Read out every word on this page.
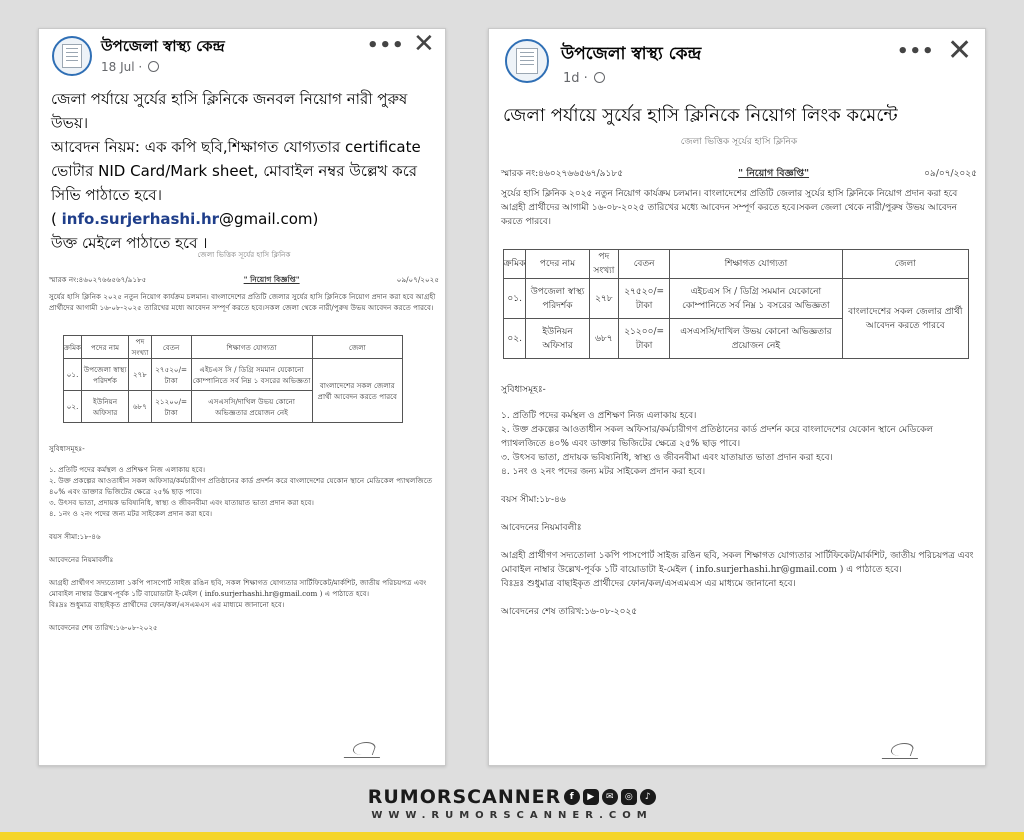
উপজেলা স্বাস্থ্য কেন্দ্র
18 Jul ·
••• ✕

জেলা পর্যায়ে সুর্যের হাসি ক্লিনিকে জনবল নিয়োগ নারী পুরুষ উভয়।

আবেদন নিয়ম: এক কপি ছবি,শিক্ষাগত যোগ্যতার certificate ভোটার NID Card/Mark sheet, মোবাইল নম্বর উল্লেখ করে সিভি পাঠাতে হবে।

( info.surjerhashi.hr@gmail.com)

উক্ত মেইলে পাঠাতে হবে ।

জেলা ভিত্তিক সূর্যের হাসি ক্লিনিক
স্মারক নং:৪৬০২৭৬৬৫৬৭/৯১৮৫	" নিয়োগ বিজ্ঞপ্তি"	০৯/০৭/২০২৫
সুর্যের হাসি ক্লিনিক ২০২৫ নতুন নিয়োগ কার্যক্রম চলমান। বাংলাদেশের প্রতিটি জেলার সুর্যের হাসি ক্লিনিকে নিয়োগ প্রদান করা হবে আগ্রহী প্রার্থীদের আগামী ১৬-০৮-২০২৫ তারিখের মধ্যে আবেদন সম্পূর্ণ করতে হবে।সকল জেলা থেকে নারী/পুরুষ উভয় আবেদন করতে পারবে।
ক্রমিক	পদের নাম	পদ সংখ্যা	বেতন	শিক্ষাগত যোগ্যতা	জেলা
০১.	উপজেলা স্বাস্থ্য পরিদর্শক	২৭৮	২৭৫২০/= টাকা	এইচএস সি / ডিগ্রি সমমান যেকোনো কোম্পানিতে সর্ব নিম্ন ১ বসরের অভিজ্ঞতা	বাংলাদেশের সকল জেলার প্রার্থী আবেদন করতে পারবে
০২.	ইউনিয়ন অফিসার	৬৮৭	২১২০০/= টাকা	এসএসসি/দাখিল উভয় কোনো অভিজ্ঞতার প্রয়োজন নেই	
সুবিধাসমূহঃ-
১. প্রতিটি পদের কর্মস্থল ও প্রশিক্ষণ নিজ এলাকায় হবে।
২. উক্ত প্রকল্পের আওতাধীন সকল অফিসার/কর্মচারীগণ প্রতিষ্ঠানের কার্ড প্রদর্শন করে বাংলাদেশের যেকোন স্থানে মেডিকেল প্যাথলজিতে ৪০% এবং ডাক্তার ভিজিটের ক্ষেত্রে ২৫% ছাড় পাবে।
৩. উৎসব ভাতা, প্রদায়ক ভবিষ্যনিধি, স্বাস্থ্য ও জীবনবীমা এবং যাতায়াত ভাতা প্রদান করা হবে।
৪. ১নং ও ২নং পদের জন্য মটর সাইকেল প্রদান করা হবে।
বয়স সীমা:১৮-৪৬
আবেদনের নিয়মাবলীঃ
আগ্রহী প্রার্থীগণ সদ্যতোলা ১কপি পাসপোর্ট সাইজ রঙিন ছবি, সকল শিক্ষাগত যোগ্যতার সার্টিফিকেট/মার্কশিট, জাতীয় পরিচয়পত্র এবং মোবাইল নাম্বার উল্লেখ-পূর্বক ১টি বায়োডাটা ই-মেইল ( info.surjerhashi.hr@gmail.com ) এ পাঠাতে হবে।
বিঃদ্রঃ শুধুমাত্র বাছাইকৃত প্রার্থীদের ফোন/কল/এসএমএস এর মাধ্যমে জানানো হবে।
আবেদনের শেষ তারিখ:১৬-০৮-২০২৫
উপজেলা স্বাস্থ্য কেন্দ্র
1d ·
••• ✕

জেলা পর্যায়ে সুর্যের হাসি ক্লিনিকে নিয়োগ লিংক কমেন্টে

জেলা ভিত্তিক সূর্যের হাসি ক্লিনিক
স্মারক নং:৪৬০২৭৬৬৫৬৭/৯১৮৫	" নিয়োগ বিজ্ঞপ্তি"	০৯/০৭/২০২৫
সুর্যের হাসি ক্লিনিক ২০২৫ নতুন নিয়োগ কার্যক্রম চলমান। বাংলাদেশের প্রতিটি জেলার সুর্যের হাসি ক্লিনিকে নিয়োগ প্রদান করা হবে আগ্রহী প্রার্থীদের আগামী ১৬-০৮-২০২৫ তারিখের মধ্যে আবেদন সম্পূর্ণ করতে হবে।সকল জেলা থেকে নারী/পুরুষ উভয় আবেদন করতে পারবে।
ক্রমিক	পদের নাম	পদ সংখ্যা	বেতন	শিক্ষাগত যোগ্যতা	জেলা
০১.	উপজেলা স্বাস্থ্য পরিদর্শক	২৭৮	২৭৫২০/= টাকা	এইচএস সি / ডিগ্রি সমমান যেকোনো কোম্পানিতে সর্ব নিম্ন ১ বসরের অভিজ্ঞতা	বাংলাদেশের সকল জেলার প্রার্থী আবেদন করতে পারবে
০২.	ইউনিয়ন অফিসার	৬৮৭	২১২০০/= টাকা	এসএসসি/দাখিল উভয় কোনো অভিজ্ঞতার প্রয়োজন নেই	
সুবিধাসমূহঃ-
১. প্রতিটি পদের কর্মস্থল ও প্রশিক্ষণ নিজ এলাকায় হবে।
২. উক্ত প্রকল্পের আওতাধীন সকল অফিসার/কর্মচারীগণ প্রতিষ্ঠানের কার্ড প্রদর্শন করে বাংলাদেশের যেকোন স্থানে মেডিকেল প্যাথলজিতে ৪০% এবং ডাক্তার ভিজিটের ক্ষেত্রে ২৫% ছাড় পাবে।
৩. উৎসব ভাতা, প্রদায়ক ভবিষ্যনিধি, স্বাস্থ্য ও জীবনবীমা এবং যাতায়াত ভাতা প্রদান করা হবে।
৪. ১নং ও ২নং পদের জন্য মটর সাইকেল প্রদান করা হবে।
বয়স সীমা:১৮-৪৬
আবেদনের নিয়মাবলীঃ
আগ্রহী প্রার্থীগণ সদ্যতোলা ১কপি পাসপোর্ট সাইজ রঙিন ছবি, সকল শিক্ষাগত যোগ্যতার সার্টিফিকেট/মার্কশিট, জাতীয় পরিচয়পত্র এবং মোবাইল নাম্বার উল্লেখ-পূর্বক ১টি বায়োডাটা ই-মেইল ( info.surjerhashi.hr@gmail.com ) এ পাঠাতে হবে।
বিঃদ্রঃ শুধুমাত্র বাছাইকৃত প্রার্থীদের ফোন/কল/এসএমএস এর মাধ্যমে জানানো হবে।
আবেদনের শেষ তারিখ:১৬-০৮-২০২৫
RUMORSCANNER f	▶	✉	◎	♪
WWW.RUMORSCANNER.COM
